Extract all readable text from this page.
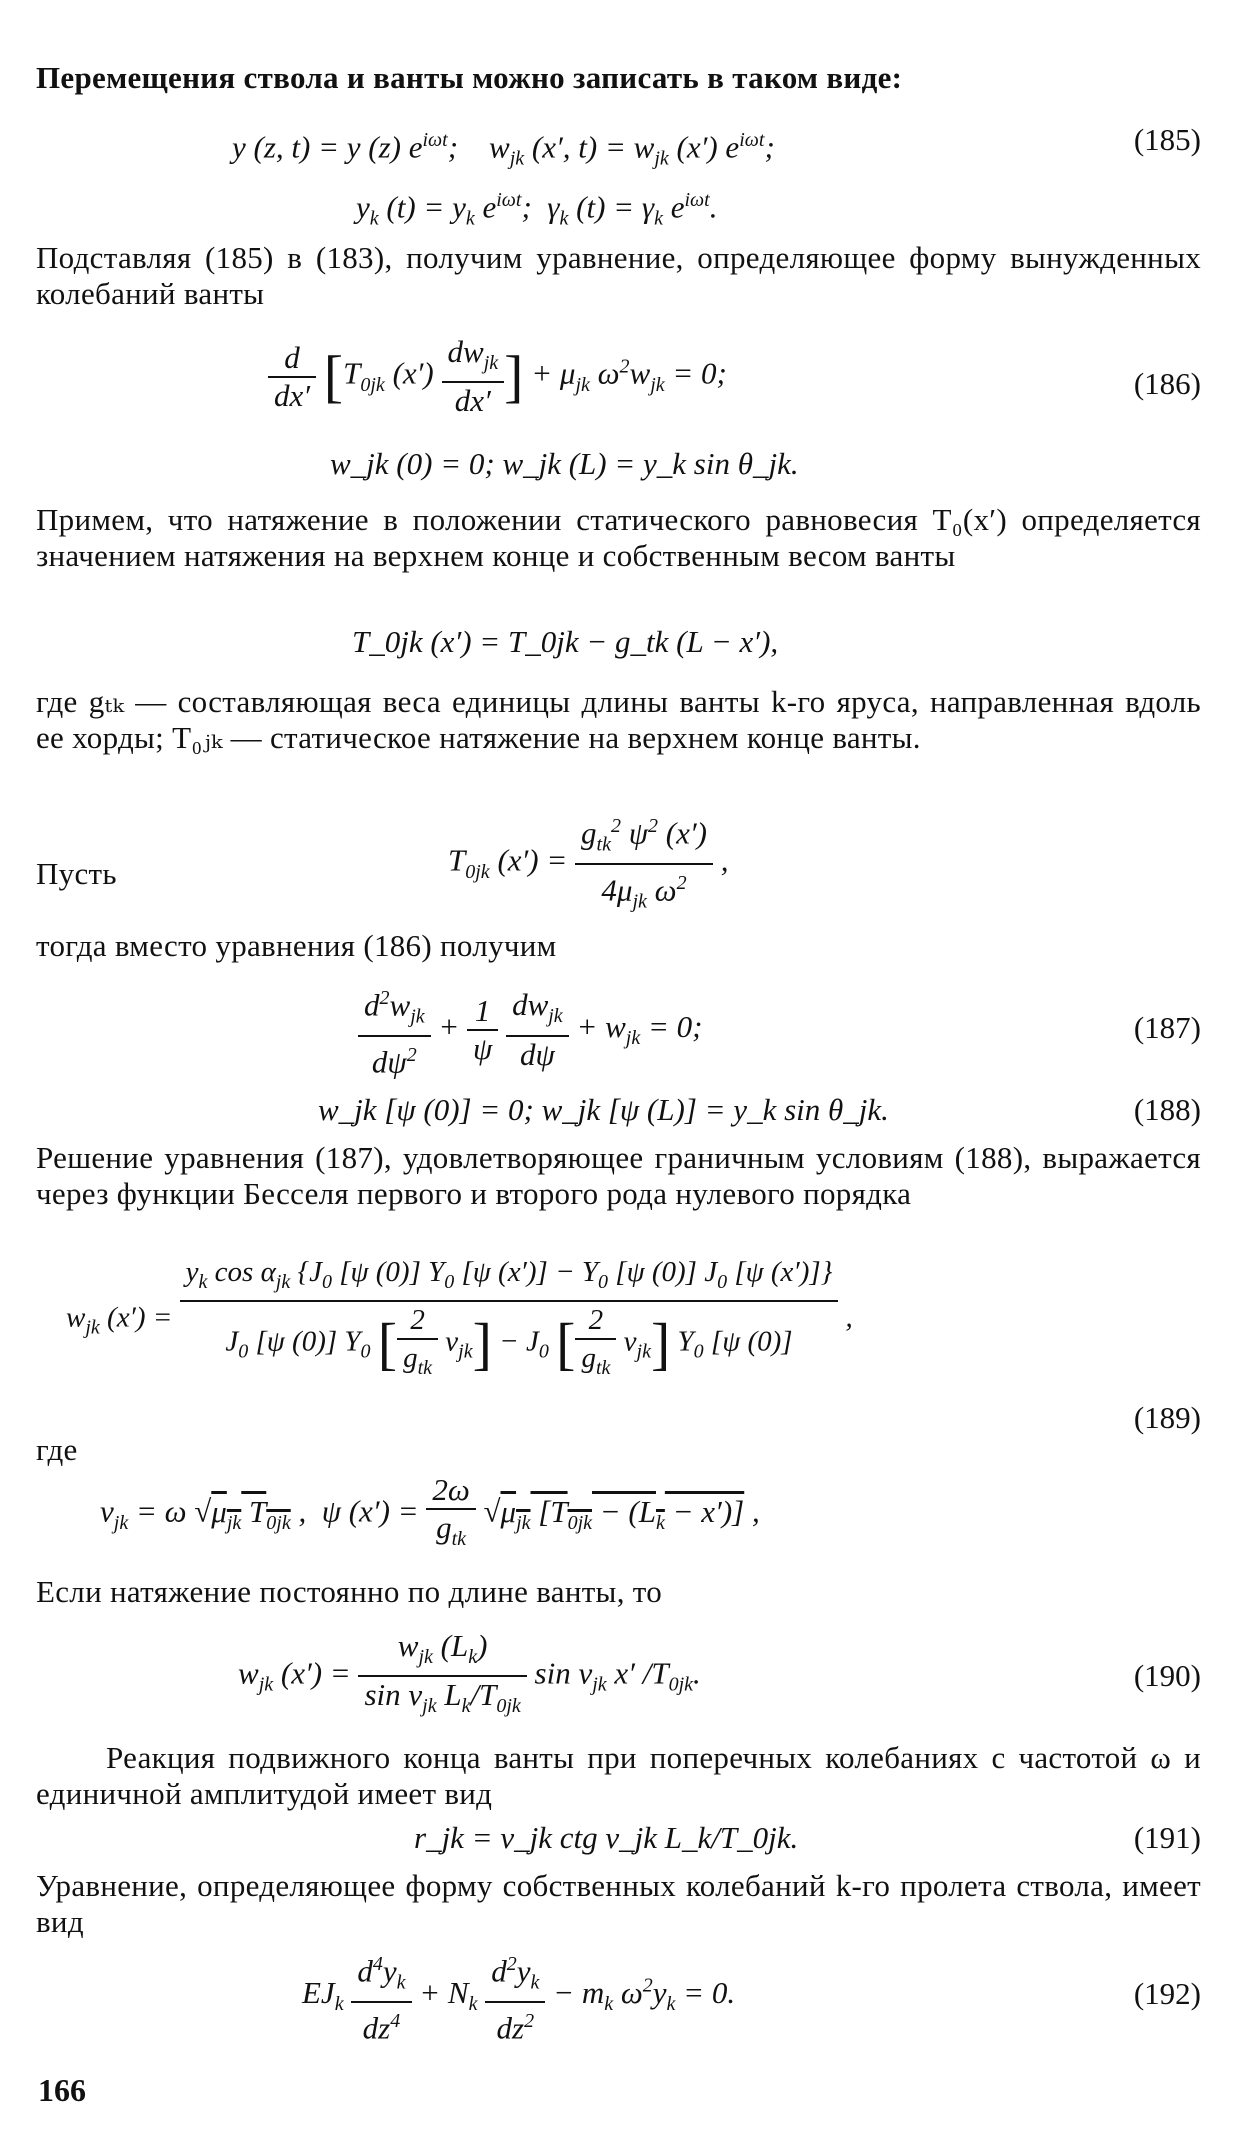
Перемещения ствола и ванты можно записать в таком виде:
y (z, t) = y (z) $e^{i\omega t}$;    $w_{jk}$ (x′, $t) = w_{jk}$ (x′) $e^{i\omega t}$;	(185)
$y_k$ $(t) = y_k$ $e^{i\omega t}$;  $\gamma_k$ $(t) = \gamma_k$ $e^{i\omega t}$.
Подставляя (185) в (183), получим уравнение, определяющее форму вынужденных колебаний ванты
$\frac{d}{dx'} [T_{0jk}$ $(x') \frac{dw_{jk}}{dx'}$ ] + $\mu_{jk}$ $\omega^2w_{jk} = 0$;	(186)
w_jk (0) = 0; w_jk (L) = y_k sin θ_jk.
Примем, что натяжение в положении статического равновесия T₀(x′) определяется значением натяжения на верхнем конце и собственным весом ванты
T_0jk (x′) = T_0jk − g_tk (L − x′),
где gₜₖ — составляющая веса единицы длины ванты k-го яруса, направленная вдоль ее хорды; T₀ⱼₖ — статическое натяжение на верхнем конце ванты.
Пусть	$T_{0jk}$ $(x') = \frac{g_{tk}^2 \psi^2 (x')}{4\mu_{jk} \omega^2}$ ,
тогда вместо уравнения (186) получим
$\frac{d^2w_{jk}}{d\psi^2} + \frac{1}{\psi}$
$\frac{dw_{jk}}{d\psi} + w_{jk} = 0$;	(187)
w_jk [ψ (0)] = 0; w_jk [ψ (L)] = y_k sin θ_jk.	(188)
Решение уравнения (187), удовлетворяющее граничным условиям (188), выражается через функции Бесселя первого и второго рода нулевого порядка
$w_{jk}$ $(x') = \frac{y_k \cos \alpha_{jk} \{J_0 [\psi (0)] Y_0 [\psi (x')] - Y_0 [\psi (0)] J_0 [\psi (x')]\}}{J_0 [\psi (0)] Y_0 [ \frac{2}{g_{tk}} \nu_{jk}] - J_0 [ \frac{2}{g_{tk}} \nu_{jk}] Y_0 [\psi (0)]}$ ,
(189)
где
$\nu_{jk} = \omega$ $√\mu_{jk}$ $T_{0jk}$ ,  ψ $(x') = \frac{2\omega}{g_{tk}} √\mu_{jk}$ $[T_{0jk} - (L_k - x')]$ ,
Если натяжение постоянно по длине ванты, то
$w_{jk}$ $(x') = \frac{w_{jk} (L_k)}{\sin \nu_{jk} L_k/T_{0jk}}$ $\sin \nu_{jk}$ x′ $/T_{0jk}$.	(190)
Реакция подвижного конца ванты при поперечных колебаниях с частотой ω и единичной амплитудой имеет вид
r_jk = ν_jk ctg ν_jk L_k/T_0jk.	(191)
Уравнение, определяющее форму собственных колебаний k-го пролета ствола, имеет вид
$EJ_k \frac{d^4y_k}{dz^4} + N_k \frac{d^2y_k}{dz^2} - m_k$ $\omega^2y_k = 0$.	(192)
166
